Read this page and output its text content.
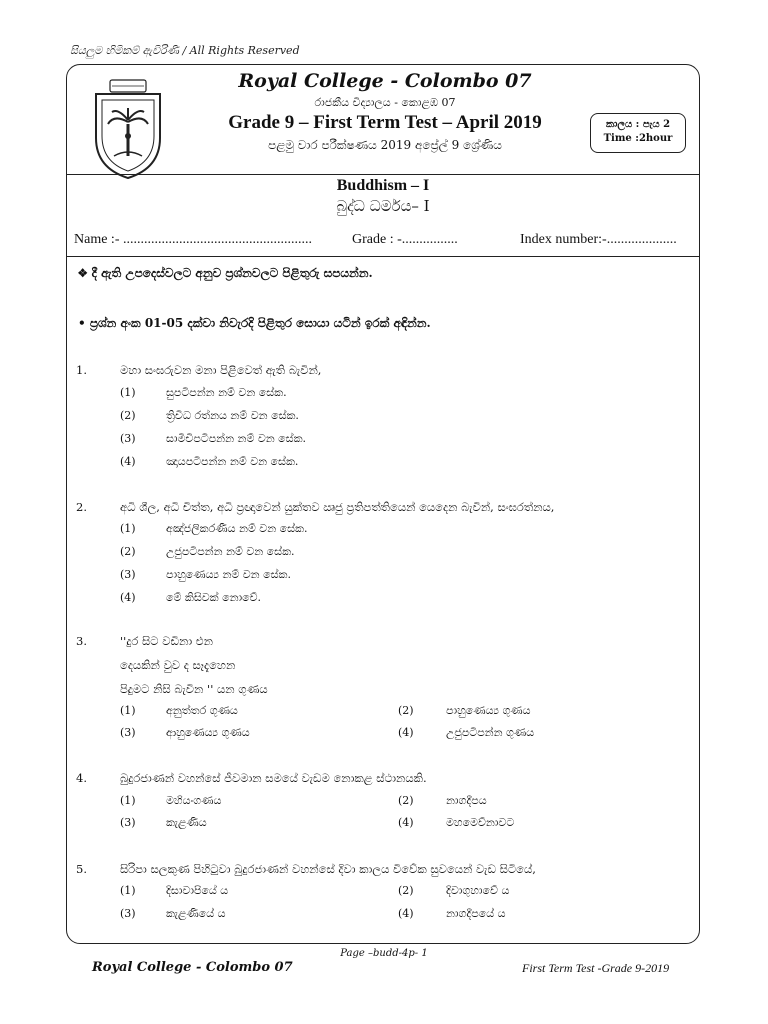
සියලුම හිමිකම් ඇවිරිණි / All Rights Reserved
Royal College - Colombo 07
රාජකීය විද්‍යාලය - කොළඹ 07
Grade 9 – First Term Test – April 2019
පළමු වාර පරීක්ෂණය 2019 අප්‍රේල් 9 ශ්‍රේණිය
කාලය : පැය 2
Time :2hour
Buddhism – I
බුද්ධ ධර්මය– I
Name :- ......................................................	Grade : -................	Index number:-....................
❖ දී ඇති උපදෙස්වලට අනුව ප්‍රශ්නවලට පිළිතුරු සපයන්න.
• ප්‍රශ්න අංක 01-05 දක්වා නිවැරදි පිළිතුර සොයා යටින් ඉරක් අඳින්න.
1.	මහා සංඝරුවන මනා පිළිවෙත් ඇති බැවින්,
(1)	සුපටිපන්න නම් වන සේක.
(2)	ත්‍රිවිධ රත්නය නම් වන සේක.
(3)	සාමීචිපටිපන්න නම් වන සේක.
(4)	ඤායපටිපන්න නම් වන සේක.
2.	අධි ශීල, අධි චිත්ත, අධි ප්‍රඥාවෙන් යුක්තව ඍජු ප්‍රතිපත්තියෙන් යෙදෙන බැවින්, සංඝරත්නය,
(1)	අඤ්ජලිකරණීය නම් වන සේක.
(2)	උජුපටිපන්න නම් වන සේක.
(3)	පාහුණෙය්‍ය නම් වන සේක.
(4)	මේ කිසිවක් නොවේ.
3.	''දුර සිට වඩිනා එන
දෙයකින් වුව ද සෑදැහෙන
පිදුමට නිසි බැවින '' යන ගුණය
(1)	අනුත්තර ගුණය	(2)	පාහුණෙය්‍ය ගුණය
(3)	ආහුණෙය්‍ය ගුණය	(4)	උජුපටිපන්න ගුණය
4.	බුදුරජාණන් වහන්සේ ජීවමාන සමයේ වැඩම නොකළ ස්ථානයකි.
(1)	මහියංගණය	(2)	නාගදීපය
(3)	කැළණිය	(4)	මහමෙව්නාවට
5.	සිරිපා සලකුණ පිහිටුවා බුදුරජාණන් වහන්සේ දිවා කාලය විවේක සුවයෙන් වැඩ සිටියේ,
(1)	දිසාවාපියේ ය	(2)	දිවාගුහාවේ ය
(3)	කැළණියේ ය	(4)	නාගදීපයේ ය
Page –budd-4p- 1
Royal College - Colombo 07	First Term Test -Grade 9-2019
